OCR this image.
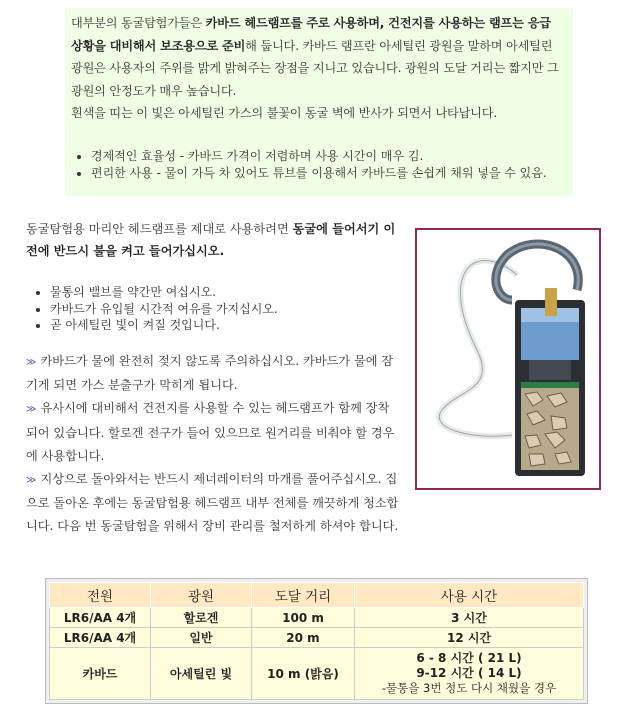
대부분의 동굴탐험가들은 카바드 헤드램프를 주로 사용하며, 건전지를 사용하는 램프는 응급 상황을 대비해서 보조용으로 준비해 둡니다. 카바드 램프란 아세틸린 광원을 말하며 아세틸린 광원은 사용자의 주위를 밝게 밝혀주는 장점을 지니고 있습니다. 광원의 도달 거리는 짧지만 그 광원의 안정도가 매우 높습니다.
흰색을 띠는 이 빛은 아세틸린 가스의 불꽃이 동굴 벽에 반사가 되면서 나타납니다.
• 경제적인 효율성 - 카바드 가격이 저렴하며 사용 시간이 매우 김.
• 편리한 사용 - 물이 가득 차 있어도 튜브를 이용해서 카바드를 손쉽게 채워 넣을 수 있음.
동굴탐험용 마리안 헤드램프를 제대로 사용하려면 동굴에 들어서기 이전에 반드시 불을 켜고 들어가십시오.
• 물통의 밸브를 약간만 여십시오.
• 카바드가 유입될 시간적 여유를 가지십시오.
• 곧 아세틸린 빛이 켜질 것입니다.
≫ 카바드가 물에 완전히 젖지 않도록 주의하십시오. 카바드가 물에 잠기게 되면 가스 분출구가 막히게 됩니다.
≫ 유사시에 대비해서 건전지를 사용할 수 있는 헤드램프가 함께 장착되어 있습니다. 할로겐 전구가 들어 있으므로 원거리를 비춰야 할 경우에 사용합니다.
≫ 지상으로 돌아와서는 반드시 제너레이터의 마개를 풀어주십시오. 집으로 돌아온 후에는 동굴탐험용 헤드램프 내부 전체를 깨끗하게 청소합니다. 다음 번 동굴탐험을 위해서 장비 관리를 철저하게 하셔야 합니다.
전원	광원	도달 거리	사용 시간
LR6/AA 4개	할로겐	100 m	3 시간
LR6/AA 4개	일반	20 m	12 시간
카바드	아세틸린 빛	10 m (밝음)	6 - 8 시간 ( 21 L)
9-12 시간 ( 14 L)
-물통을 3번 정도 다시 채웠을 경우
